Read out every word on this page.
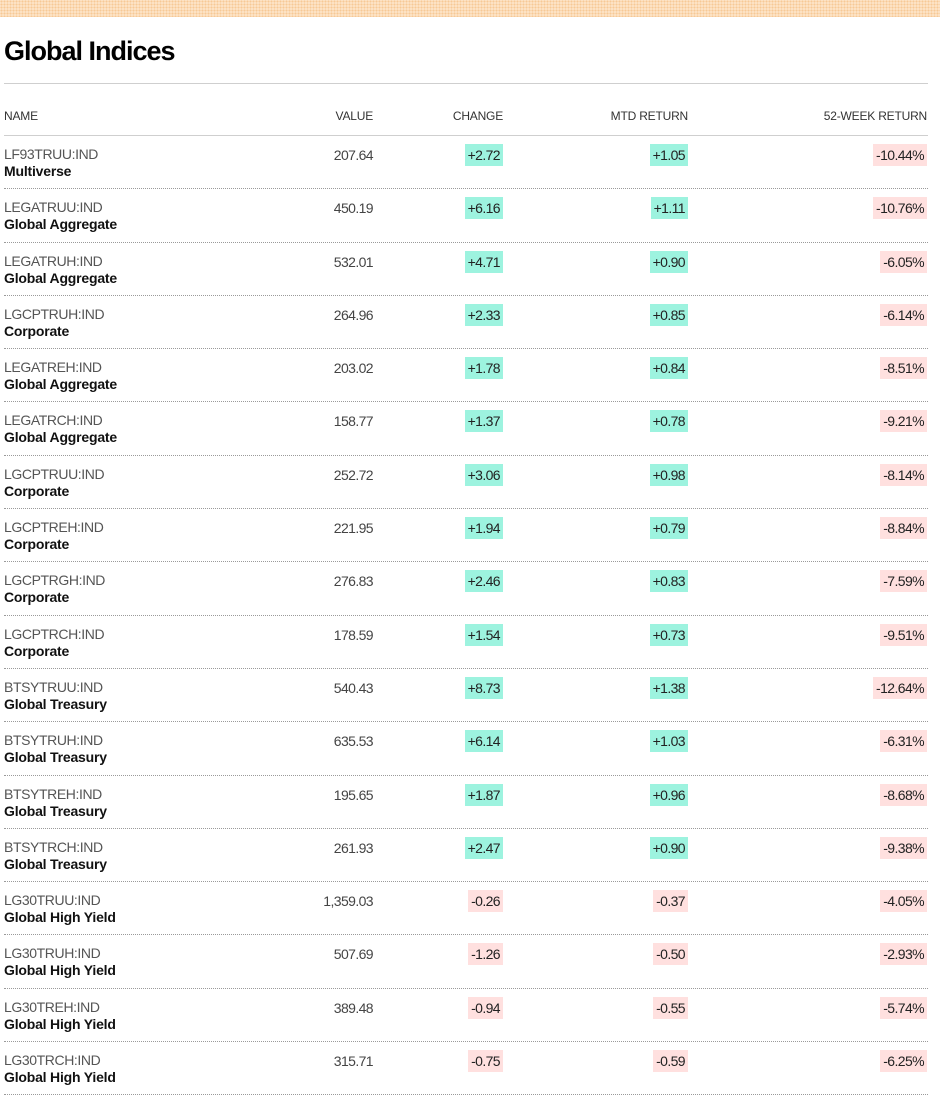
Global Indices
NAME	VALUE	CHANGE	MTD RETURN	52-WEEK RETURN
LF93TRUU:IND
Multiverse
207.64	+2.72	+1.05	-10.44%
LEGATRUU:IND
Global Aggregate
450.19	+6.16	+1.11	-10.76%
LEGATRUH:IND
Global Aggregate
532.01	+4.71	+0.90	-6.05%
LGCPTRUH:IND
Corporate
264.96	+2.33	+0.85	-6.14%
LEGATREH:IND
Global Aggregate
203.02	+1.78	+0.84	-8.51%
LEGATRCH:IND
Global Aggregate
158.77	+1.37	+0.78	-9.21%
LGCPTRUU:IND
Corporate
252.72	+3.06	+0.98	-8.14%
LGCPTREH:IND
Corporate
221.95	+1.94	+0.79	-8.84%
LGCPTRGH:IND
Corporate
276.83	+2.46	+0.83	-7.59%
LGCPTRCH:IND
Corporate
178.59	+1.54	+0.73	-9.51%
BTSYTRUU:IND
Global Treasury
540.43	+8.73	+1.38	-12.64%
BTSYTRUH:IND
Global Treasury
635.53	+6.14	+1.03	-6.31%
BTSYTREH:IND
Global Treasury
195.65	+1.87	+0.96	-8.68%
BTSYTRCH:IND
Global Treasury
261.93	+2.47	+0.90	-9.38%
LG30TRUU:IND
Global High Yield
1,359.03	-0.26	-0.37	-4.05%
LG30TRUH:IND
Global High Yield
507.69	-1.26	-0.50	-2.93%
LG30TREH:IND
Global High Yield
389.48	-0.94	-0.55	-5.74%
LG30TRCH:IND
Global High Yield
315.71	-0.75	-0.59	-6.25%
